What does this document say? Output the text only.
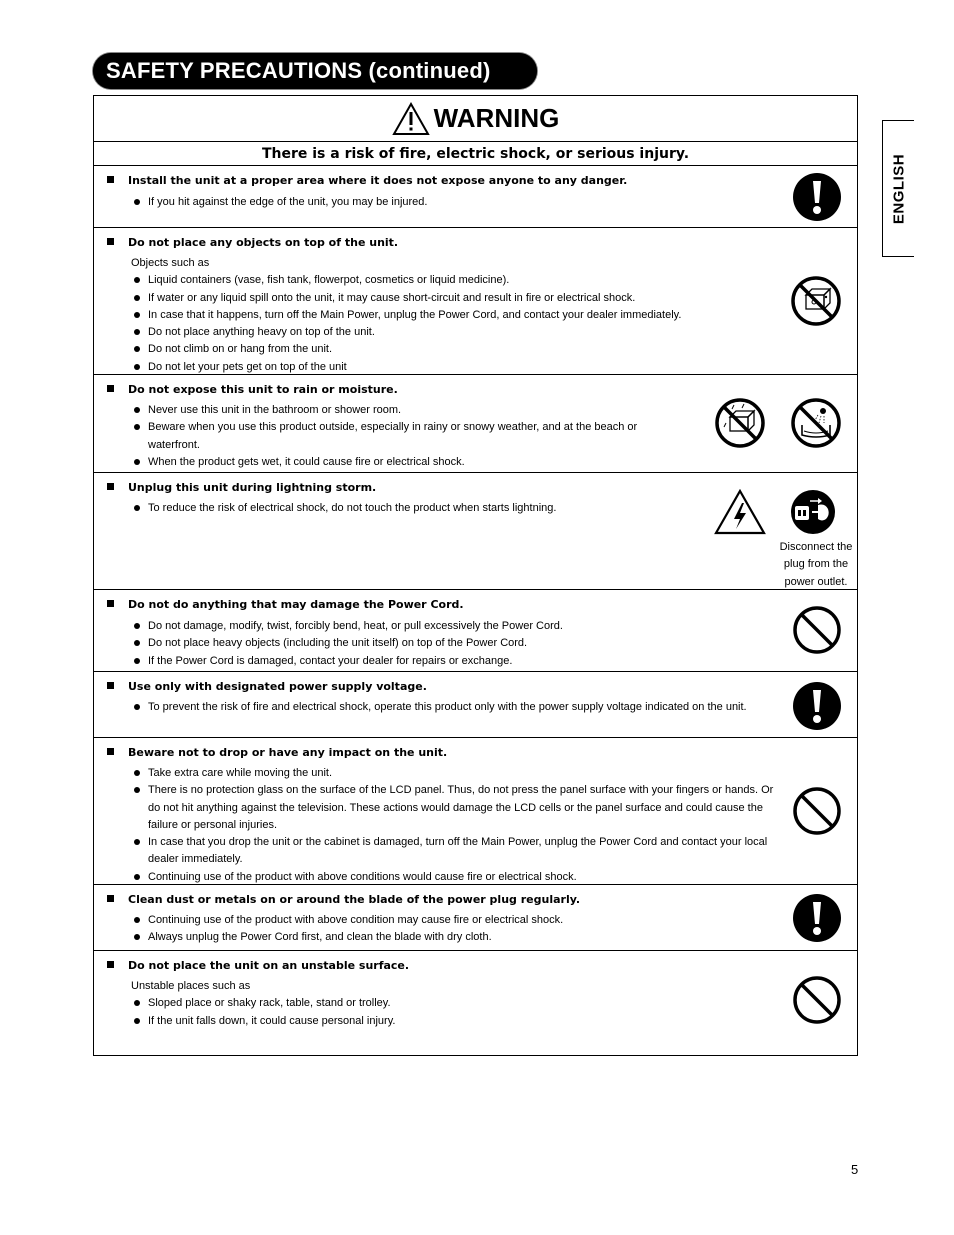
SAFETY PRECAUTIONS (continued)
ENGLISH
WARNING
There is a risk of fire, electric shock, or serious injury.
Install the unit at a proper area where it does not expose anyone to any danger.
If you hit against the edge of the unit, you may be injured.
Do not place any objects on top of the unit.
Objects such as
Liquid containers (vase, fish tank, flowerpot, cosmetics or liquid medicine).
If water or any liquid spill onto the unit, it may cause short-circuit and result in fire or electrical shock.
In case that it happens, turn off the Main Power, unplug the Power Cord, and contact your dealer immediately.
Do not place anything heavy on top of the unit.
Do not climb on or hang from the unit.
Do not let your pets get on top of the unit
Do not expose this unit to rain or moisture.
Never use this unit in the bathroom or shower room.
Beware when you use this product outside, especially in rainy or snowy weather, and at the beach or waterfront.
When the product gets wet, it could cause fire or electrical shock.
Unplug this unit during lightning storm.
To reduce the risk of electrical shock, do not touch the product when starts lightning.
Disconnect the plug from the power outlet.
Do not do anything that may damage the Power Cord.
Do not damage, modify, twist, forcibly bend, heat, or pull excessively the Power Cord.
Do not place heavy objects (including the unit itself) on top of the Power Cord.
If the Power Cord is damaged, contact your dealer for repairs or exchange.
Use only with designated power supply voltage.
To prevent the risk of fire and electrical shock, operate this product only with the power supply voltage indicated on the unit.
Beware not to drop or have any impact on the unit.
Take extra care while moving the unit.
There is no protection glass on the surface of the LCD panel. Thus, do not press the panel surface with your fingers or hands. Or do not hit anything against the television. These actions would damage the LCD cells or the panel surface and could cause the failure or personal injuries.
In case that you drop the unit or the cabinet is damaged, turn off the Main Power, unplug the Power Cord and contact your local dealer immediately.
Continuing use of the product with above conditions would cause fire or electrical shock.
Clean dust or metals on or around the blade of the power plug regularly.
Continuing use of the product with above condition may cause fire or electrical shock.
Always unplug the Power Cord first, and clean the blade with dry cloth.
Do not place the unit on an unstable surface.
Unstable places such as
Sloped place or shaky rack, table, stand or trolley.
If the unit falls down, it could cause personal injury.
5
